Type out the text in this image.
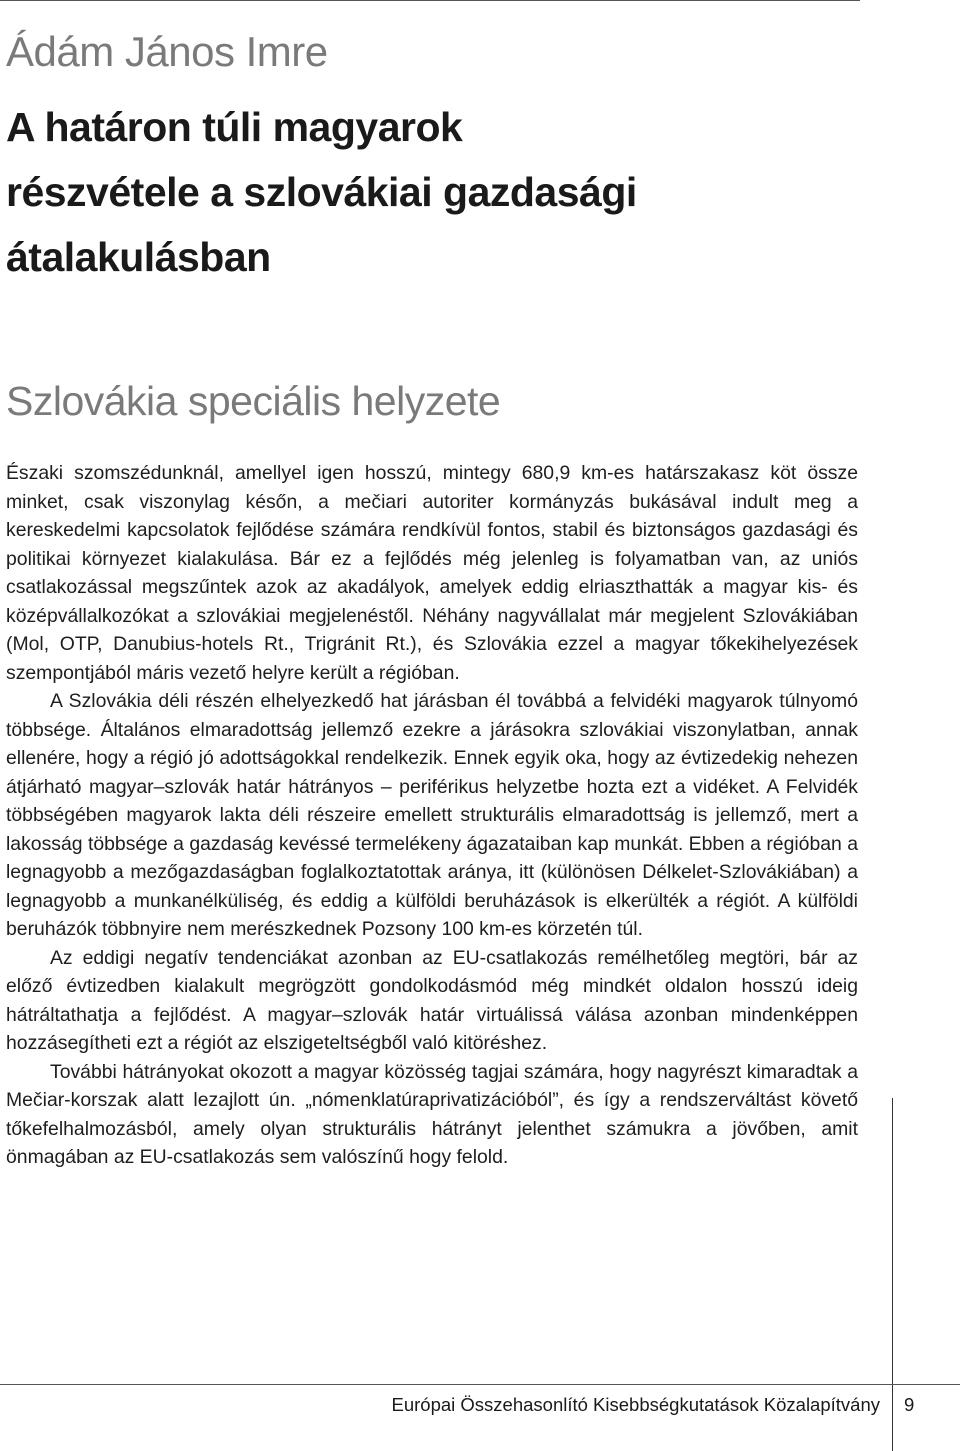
Ádám János Imre
A határon túli magyarok
részvétele a szlovákiai gazdasági
átalakulásban
Szlovákia speciális helyzete

Északi szomszédunknál, amellyel igen hosszú, mintegy 680,9 km-es határszakasz köt össze minket, csak viszonylag későn, a mečiari autoriter kormányzás bukásával indult meg a kereskedelmi kapcsolatok fejlődése számára rendkívül fontos, stabil és biztonságos gazdasági és politikai környezet kialakulása. Bár ez a fejlődés még jelenleg is folyamatban van, az uniós csatlakozással megszűntek azok az akadályok, amelyek eddig elriaszthatták a magyar kis- és középvállalkozókat a szlovákiai megjelenéstől. Néhány nagyvállalat már megjelent Szlovákiában (Mol, OTP, Danubius-hotels Rt., Trigránit Rt.), és Szlovákia ezzel a magyar tőkekihelyezések szempontjából máris vezető helyre került a régióban.

A Szlovákia déli részén elhelyezkedő hat járásban él továbbá a felvidéki magyarok túlnyomó többsége. Általános elmaradottság jellemző ezekre a járásokra szlovákiai viszonylatban, annak ellenére, hogy a régió jó adottságokkal rendelkezik. Ennek egyik oka, hogy az évtizedekig nehezen átjárható magyar–szlovák határ hátrányos – periférikus helyzetbe hozta ezt a vidéket. A Felvidék többségében magyarok lakta déli részeire emellett strukturális elmaradottság is jellemző, mert a lakosság többsége a gazdaság kevéssé termelékeny ágazataiban kap munkát. Ebben a régióban a legnagyobb a mezőgazdaságban foglalkoztatottak aránya, itt (különösen Délkelet-Szlovákiában) a legnagyobb a munkanélküliség, és eddig a külföldi beruházások is elkerülték a régiót. A külföldi beruházók többnyire nem merészkednek Pozsony 100 km-es körzetén túl.

Az eddigi negatív tendenciákat azonban az EU-csatlakozás remélhetőleg megtöri, bár az előző évtizedben kialakult megrögzött gondolkodásmód még mindkét oldalon hosszú ideig hátráltathatja a fejlődést. A magyar–szlovák határ virtuálissá válása azonban mindenképpen hozzásegítheti ezt a régiót az elszigeteltségből való kitöréshez.

További hátrányokat okozott a magyar közösség tagjai számára, hogy nagyrészt kimaradtak a Mečiar-korszak alatt lezajlott ún. „nómenklatúraprivatizációból”, és így a rendszerváltást követő tőkefelhalmozásból, amely olyan strukturális hátrányt jelenthet számukra a jövőben, amit önmagában az EU-csatlakozás sem valószínű hogy felold.

Európai Összehasonlító Kisebbségkutatások Közalapítvány 9
